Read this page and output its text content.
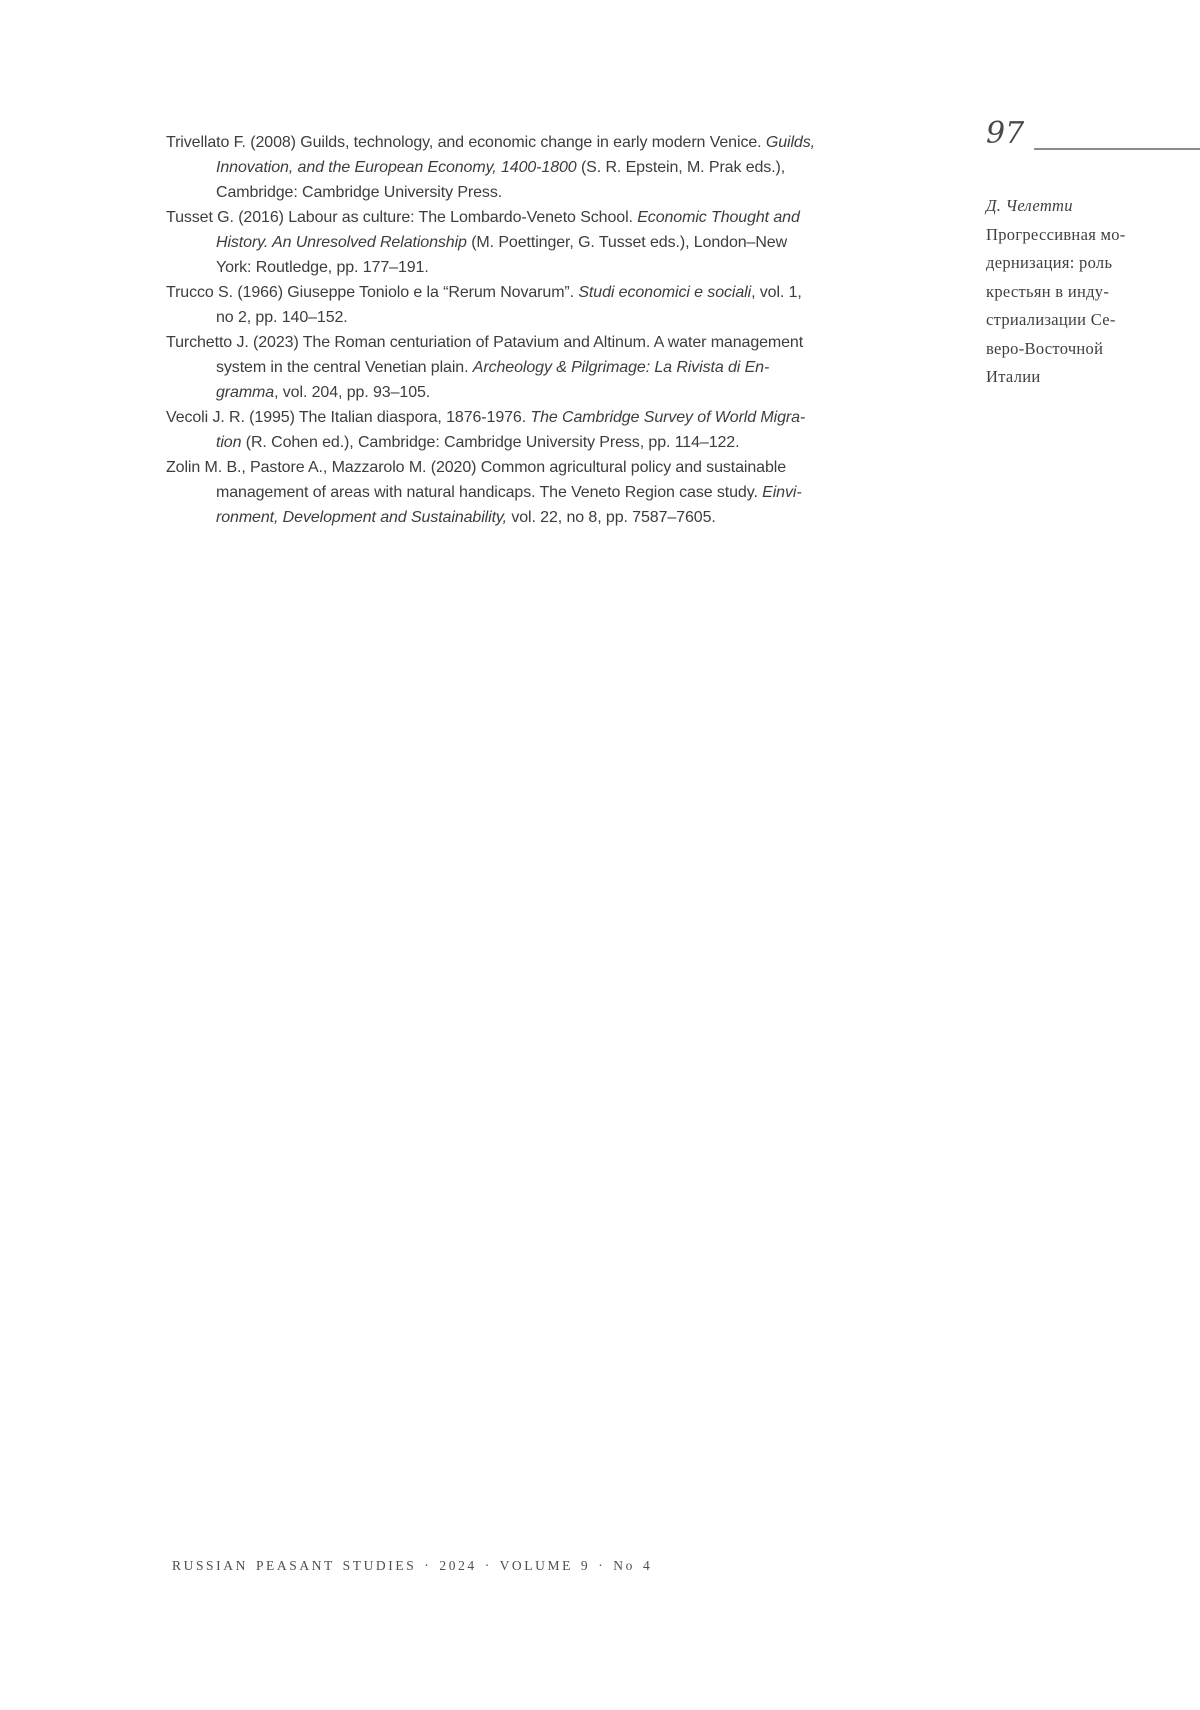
Trivellato F. (2008) Guilds, technology, and economic change in early modern Venice. Guilds,
Innovation, and the European Economy, 1400-1800 (S. R. Epstein, M. Prak eds.),
Cambridge: Cambridge University Press.
Tusset G. (2016) Labour as culture: The Lombardo-Veneto School. Economic Thought and
History. An Unresolved Relationship (M. Poettinger, G. Tusset eds.), London–New
York: Routledge, pp. 177–191.
Trucco S. (1966) Giuseppe Toniolo e la “Rerum Novarum”. Studi economici e sociali, vol. 1,
no 2, pp. 140–152.
Turchetto J. (2023) The Roman centuriation of Patavium and Altinum. A water management
system in the central Venetian plain. Archeology & Pilgrimage: La Rivista di En-
gramma, vol. 204, pp. 93–105.
Vecoli J. R. (1995) The Italian diaspora, 1876-1976. The Cambridge Survey of World Migra-
tion (R. Cohen ed.), Cambridge: Cambridge University Press, pp. 114–122.
Zolin M. B., Pastore A., Mazzarolo M. (2020) Common agricultural policy and sustainable
management of areas with natural handicaps. The Veneto Region case study. Einvi-
ronment, Development and Sustainability, vol. 22, no 8, pp. 7587–7605.
97
Д. Челетти
Прогрессивная мо-
дернизация: роль
крестьян в инду-
стриализации Се-
веро-Восточной
Италии
RUSSIAN PEASANT STUDIES · 2024 · VOLUME 9 · No 4
